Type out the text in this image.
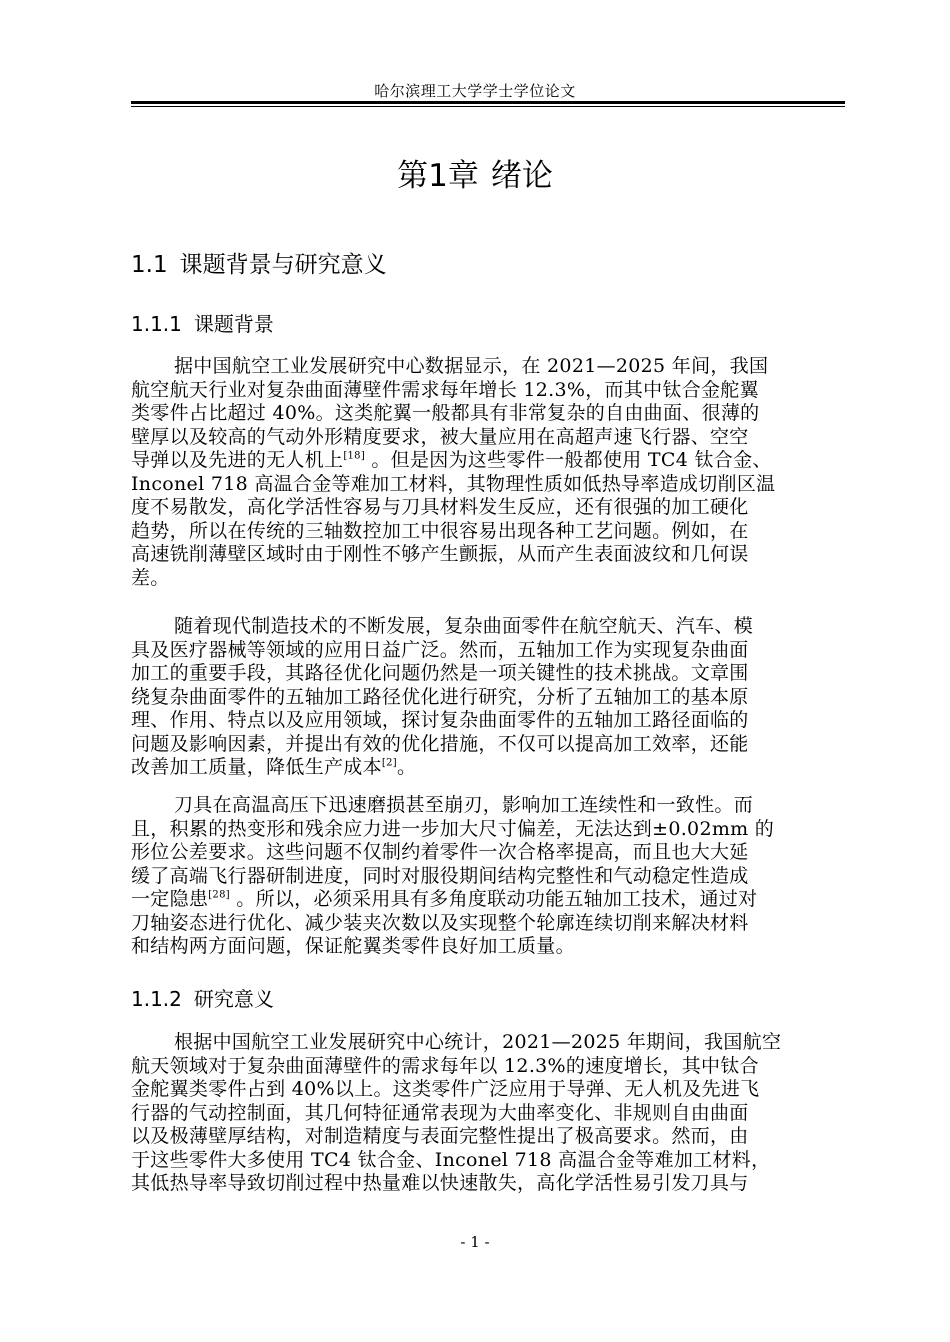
哈尔滨理工大学学士学位论文
第1章 绪论
1.1 课题背景与研究意义
1.1.1 课题背景
据中国航空工业发展研究中心数据显示，在 2021—2025 年间，我国
航空航天行业对复杂曲面薄壁件需求每年增长 12.3%，而其中钛合金舵翼
类零件占比超过 40%。这类舵翼一般都具有非常复杂的自由曲面、很薄的
壁厚以及较高的气动外形精度要求，被大量应用在高超声速飞行器、空空
导弹以及先进的无人机上[18] 。但是因为这些零件一般都使用 TC4 钛合金、
Inconel 718 高温合金等难加工材料，其物理性质如低热导率造成切削区温
度不易散发，高化学活性容易与刀具材料发生反应，还有很强的加工硬化
趋势，所以在传统的三轴数控加工中很容易出现各种工艺问题。例如，在
高速铣削薄壁区域时由于刚性不够产生颤振，从而产生表面波纹和几何误
差。
随着现代制造技术的不断发展，复杂曲面零件在航空航天、汽车、模
具及医疗器械等领域的应用日益广泛。然而，五轴加工作为实现复杂曲面
加工的重要手段，其路径优化问题仍然是一项关键性的技术挑战。文章围
绕复杂曲面零件的五轴加工路径优化进行研究，分析了五轴加工的基本原
理、作用、特点以及应用领域，探讨复杂曲面零件的五轴加工路径面临的
问题及影响因素，并提出有效的优化措施，不仅可以提高加工效率，还能
改善加工质量，降低生产成本[2]。
刀具在高温高压下迅速磨损甚至崩刃，影响加工连续性和一致性。而
且，积累的热变形和残余应力进一步加大尺寸偏差，无法达到±0.02mm 的
形位公差要求。这些问题不仅制约着零件一次合格率提高，而且也大大延
缓了高端飞行器研制进度，同时对服役期间结构完整性和气动稳定性造成
一定隐患[28] 。所以，必须采用具有多角度联动功能五轴加工技术，通过对
刀轴姿态进行优化、减少装夹次数以及实现整个轮廓连续切削来解决材料
和结构两方面问题，保证舵翼类零件良好加工质量。
1.1.2 研究意义
根据中国航空工业发展研究中心统计，2021—2025 年期间，我国航空
航天领域对于复杂曲面薄壁件的需求每年以 12.3%的速度增长，其中钛合
金舵翼类零件占到 40%以上。这类零件广泛应用于导弹、无人机及先进飞
行器的气动控制面，其几何特征通常表现为大曲率变化、非规则自由曲面
以及极薄壁厚结构，对制造精度与表面完整性提出了极高要求。然而，由
于这些零件大多使用 TC4 钛合金、Inconel 718 高温合金等难加工材料，
其低热导率导致切削过程中热量难以快速散失，高化学活性易引发刀具与
- 1 -
